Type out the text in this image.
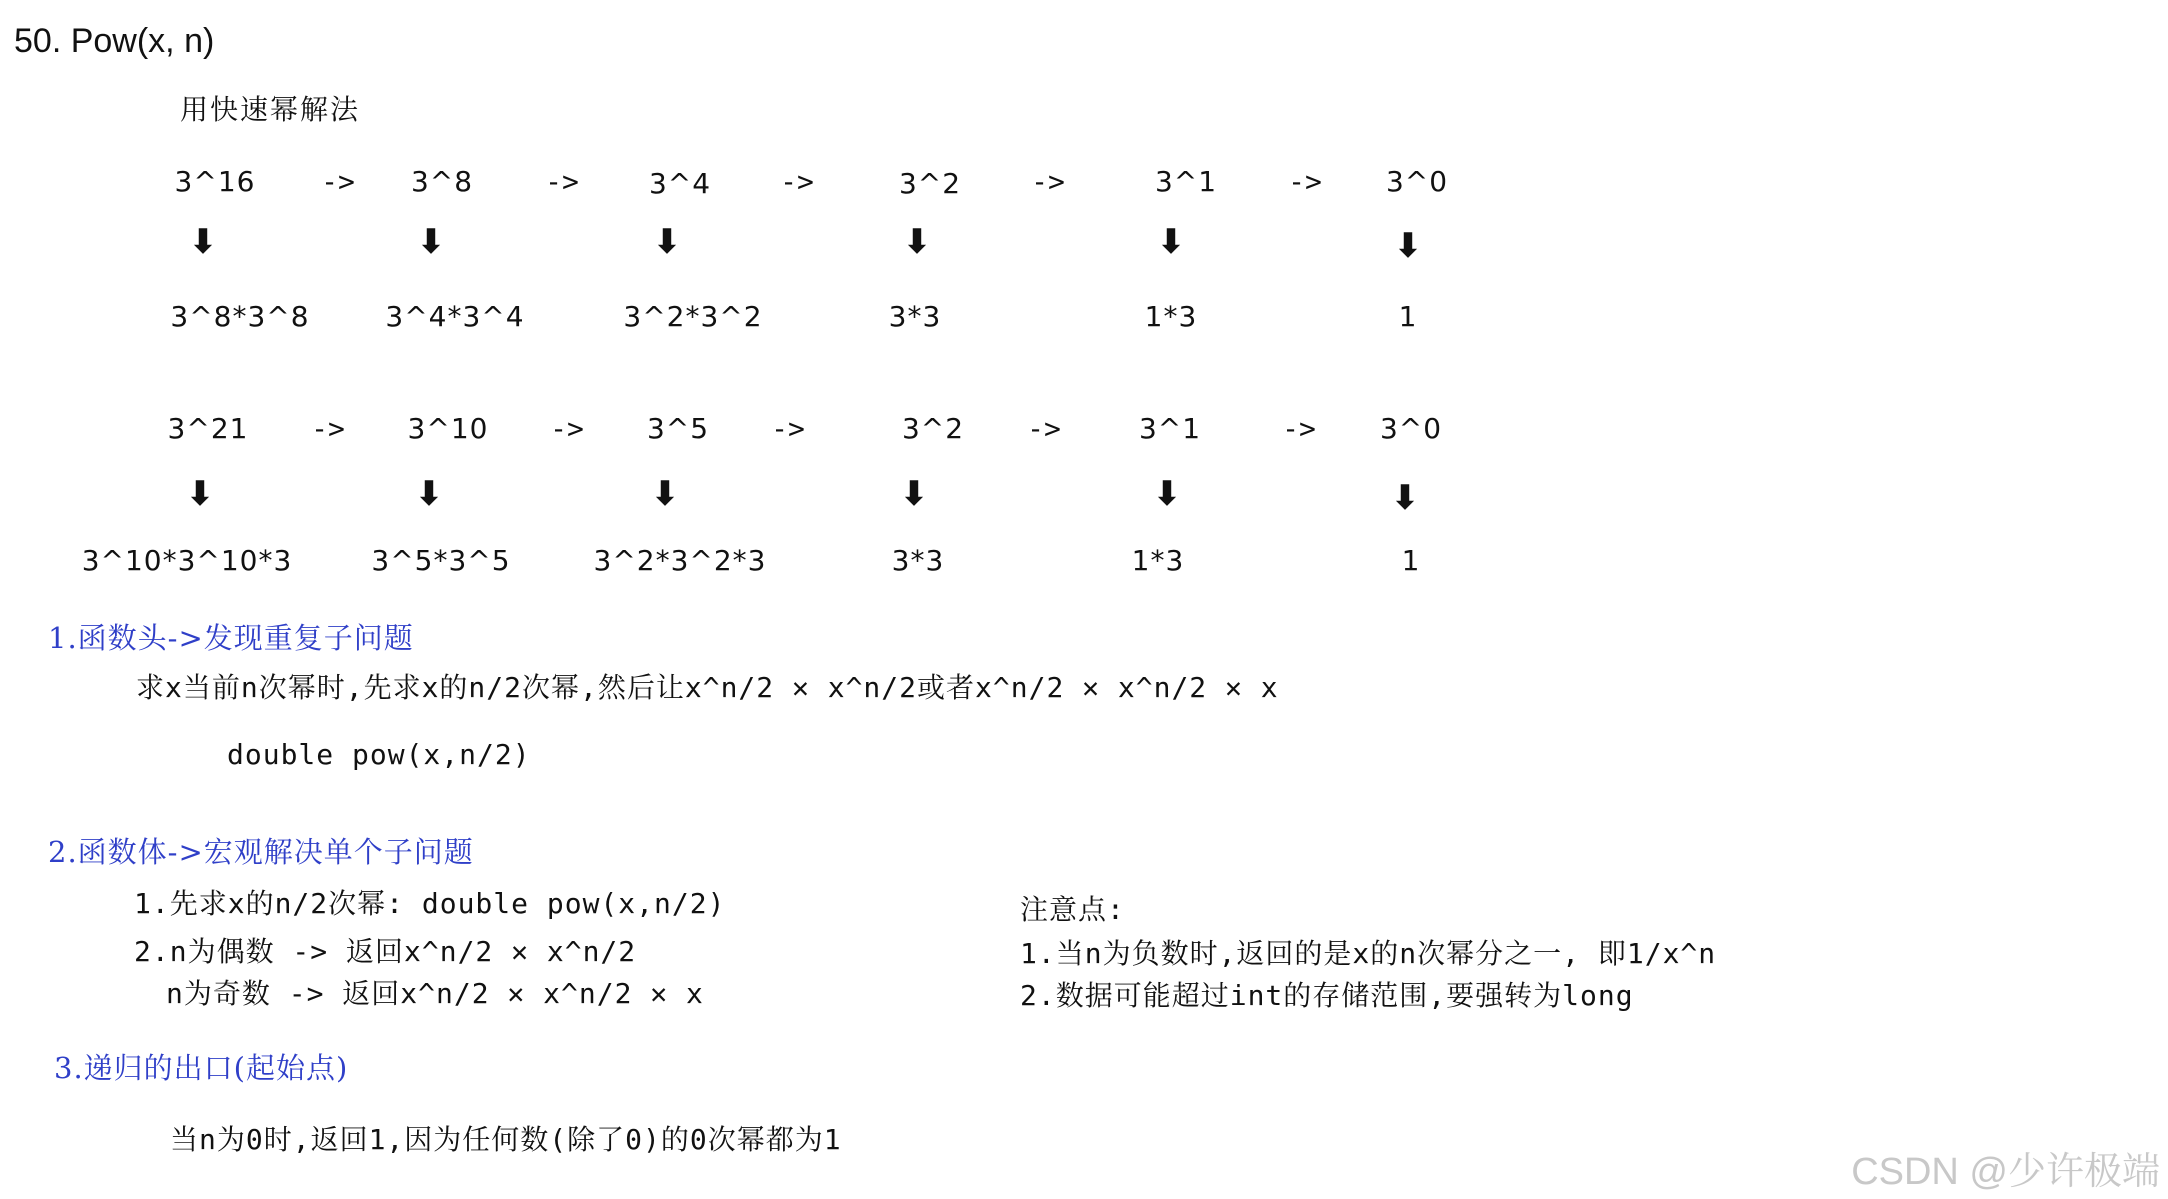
50. Pow(x, n)
用快速幂解法
3^16	3^8	3^4	3^2	3^1	3^0
->	->	->	->	->
⬇	⬇	⬇	⬇	⬇	⬇
3^8*3^8	3^4*3^4	3^2*3^2	3*3	1*3	1
3^21	3^10	3^5	3^2	3^1	3^0
->	->	->	->	->
⬇	⬇	⬇	⬇	⬇	⬇
3^10*3^10*3	3^5*3^5	3^2*3^2*3	3*3	1*3	1
1.函数头->发现重复子问题
求x当前n次幂时,先求x的n/2次幂,然后让x^n/2 ✕ x^n/2或者x^n/2 ✕ x^n/2 ✕ x
double pow(x,n/2)
2.函数体->宏观解决单个子问题
1.先求x的n/2次幂: double pow(x,n/2)
2.n为偶数 -> 返回x^n/2 ✕ x^n/2
n为奇数 -> 返回x^n/2 ✕ x^n/2 ✕ x
注意点:
1.当n为负数时,返回的是x的n次幂分之一, 即1/x^n
2.数据可能超过int的存储范围,要强转为long
3.递归的出口(起始点)
当n为0时,返回1,因为任何数(除了0)的0次幂都为1
CSDN @少许极端
